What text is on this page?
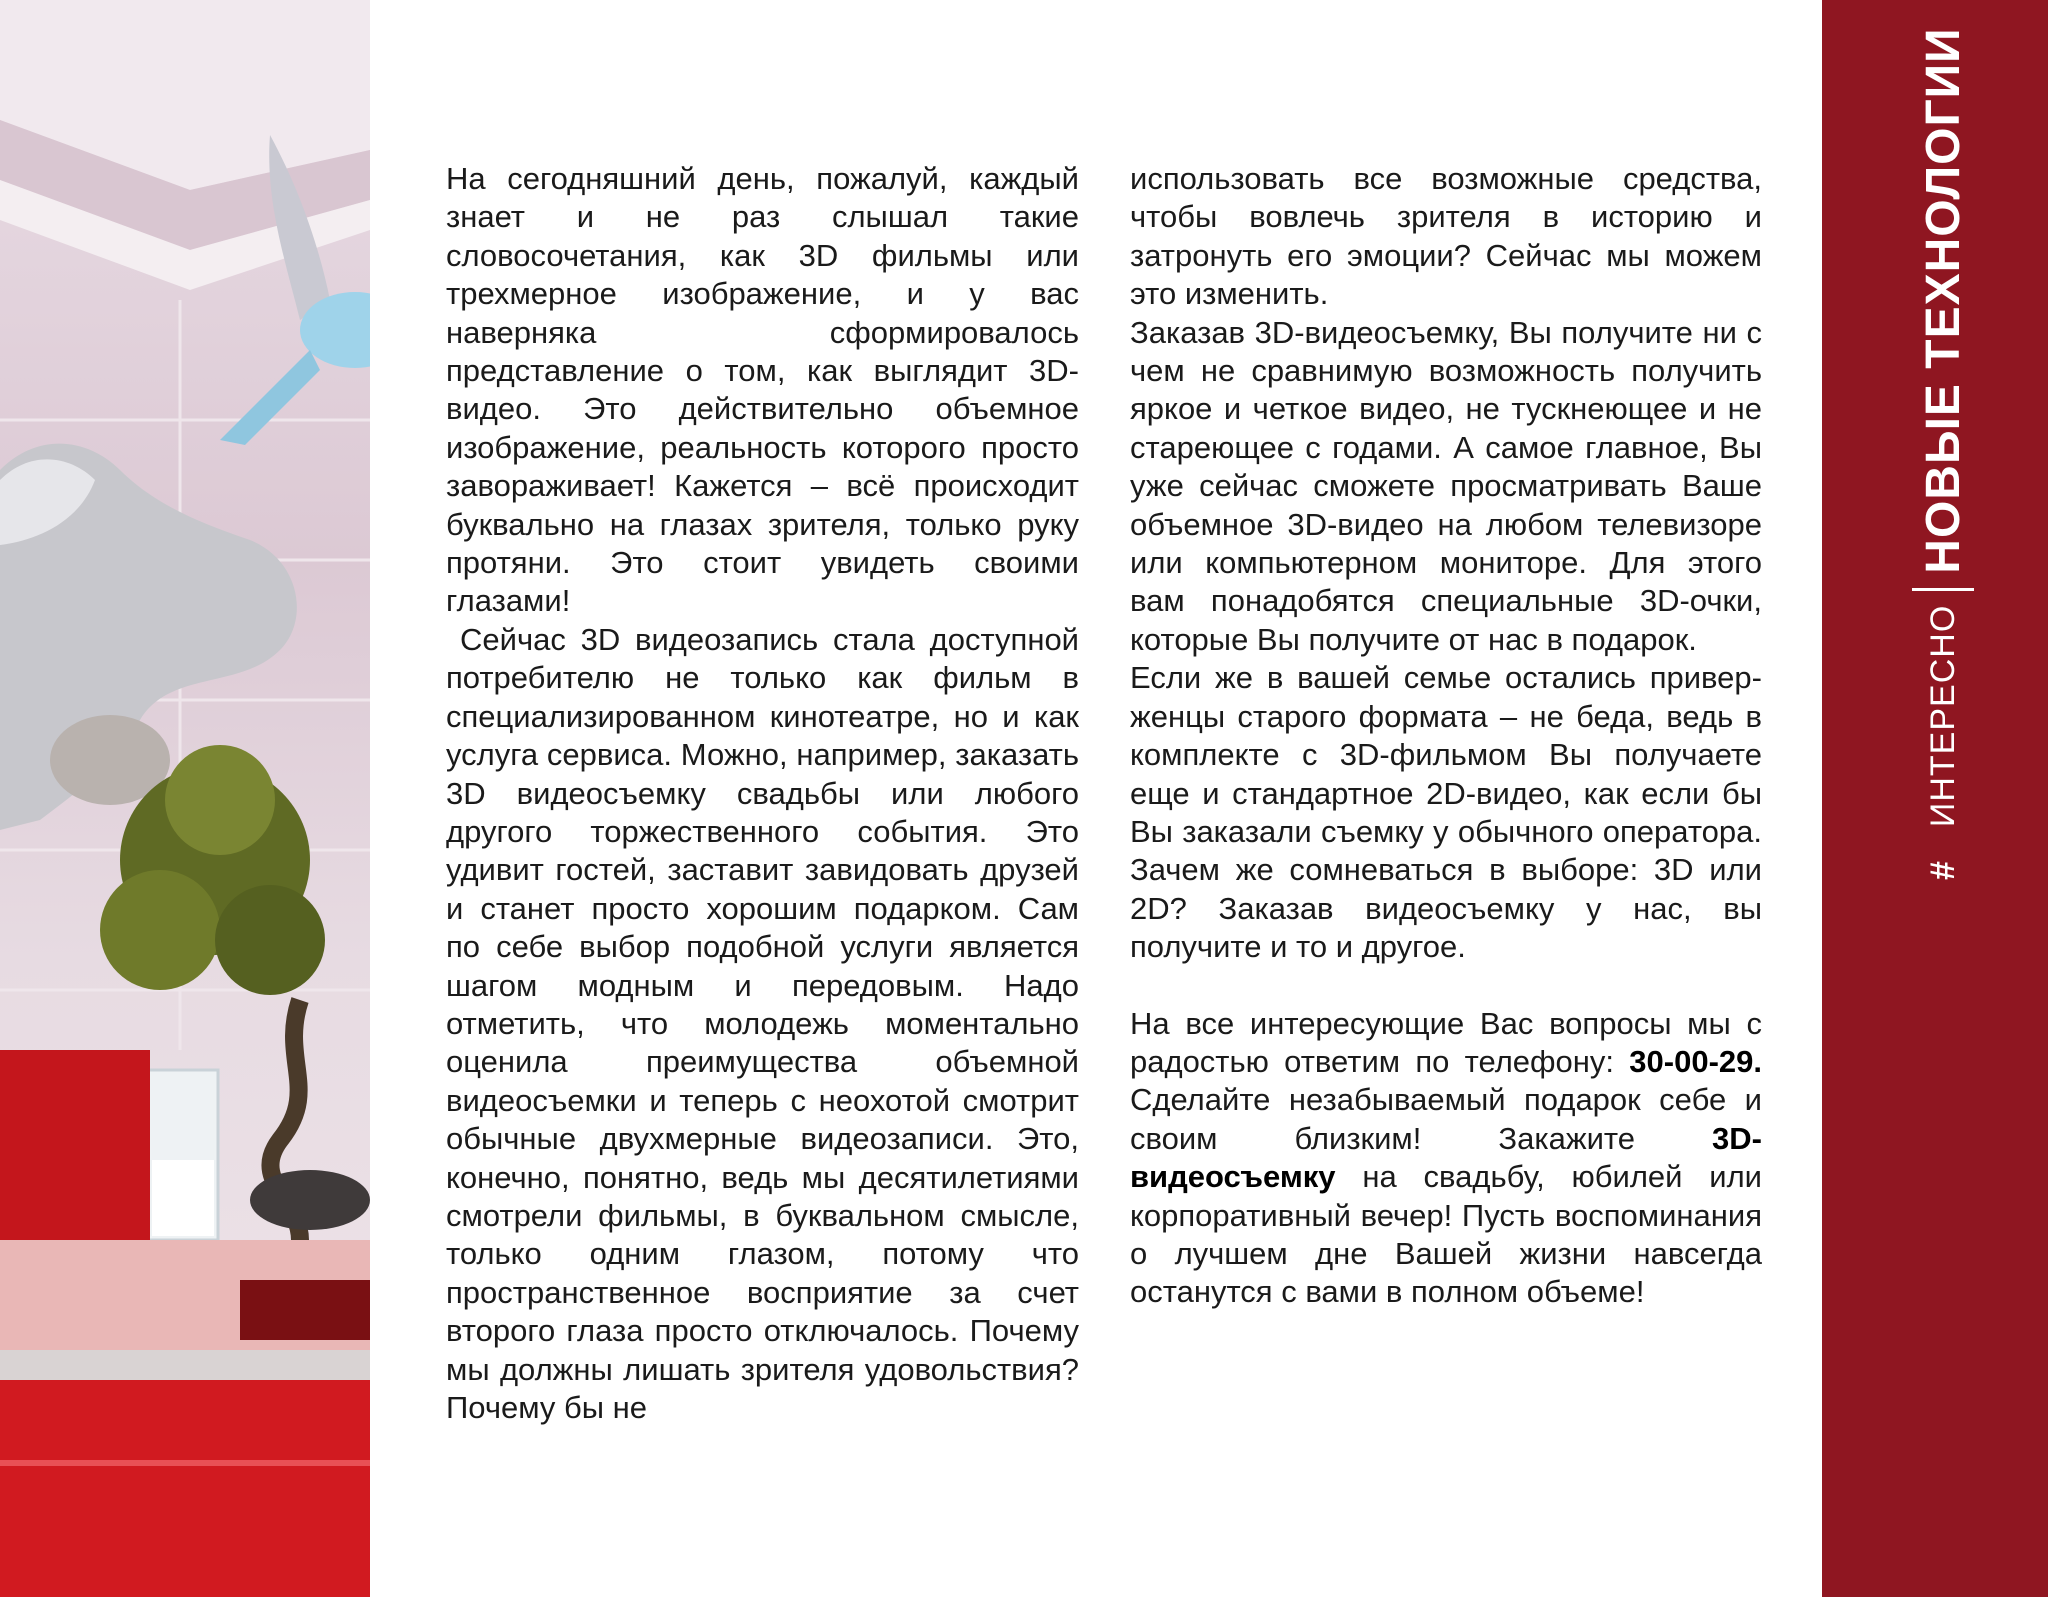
На сегодняшний день, пожалуй, каждый знает и не раз слышал такие словосочетания, как 3D фильмы или трехмерное изображение, и у вас наверняка сформировалось представление о том, как выглядит 3D-видео. Это действительно объемное изображение, реальность которого просто завораживает! Кажется – всё происходит буквально на глазах зрителя, только руку протяни. Это стоит увидеть своими глазами!

Сейчас 3D видеозапись стала доступной потребителю не только как фильм в специализированном кинотеатре, но и как услуга сервиса. Можно, например, заказать 3D видеосъемку свадьбы или любого другого торжественного события. Это удивит гостей, заставит завидовать друзей и станет просто хорошим подарком. Сам по себе выбор подобной услуги является шагом модным и передовым. Надо отметить, что молодежь моментально оценила преимущества объемной видеосъемки и теперь с неохотой смотрит обычные двухмерные видеозаписи. Это, конечно, понятно, ведь мы десятилетиями смотрели фильмы, в буквальном смысле, только одним глазом, потому что пространственное восприятие за счет второго глаза просто отключалось. Почему мы должны лишать зрителя удовольствия? Почему бы не

использовать все возможные средства, чтобы вовлечь зрителя в историю и затронуть его эмоции? Сейчас мы можем это изменить.

Заказав 3D-видеосъемку, Вы получите ни с чем не сравнимую возможность получить яркое и четкое видео, не тускнеющее и не стареющее с годами. А самое главное, Вы уже сейчас сможете просматривать Ваше объемное 3D-видео на любом телевизоре или компьютерном мониторе. Для этого вам понадобятся специальные 3D-очки, которые Вы получите от нас в подарок.

Если же в вашей семье остались приверженцы старого формата – не беда, ведь в комплекте с 3D-фильмом Вы получаете еще и стандартное 2D-видео, как если бы Вы заказали съемку у обычного оператора. Зачем же сомневаться в выборе: 3D или 2D? Заказав видеосъемку у нас, вы получите и то и другое.

На все интересующие Вас вопросы мы с радостью ответим по телефону: 30-00-29. Сделайте незабываемый подарок себе и своим близким! Закажите 3D-видеосъемку на свадьбу, юбилей или корпоративный вечер! Пусть воспоминания о лучшем дне Вашей жизни навсегда останутся с вами в полном объеме!

#
ИНТЕРЕСНО
НОВЫЕ ТЕХНОЛОГИИ
